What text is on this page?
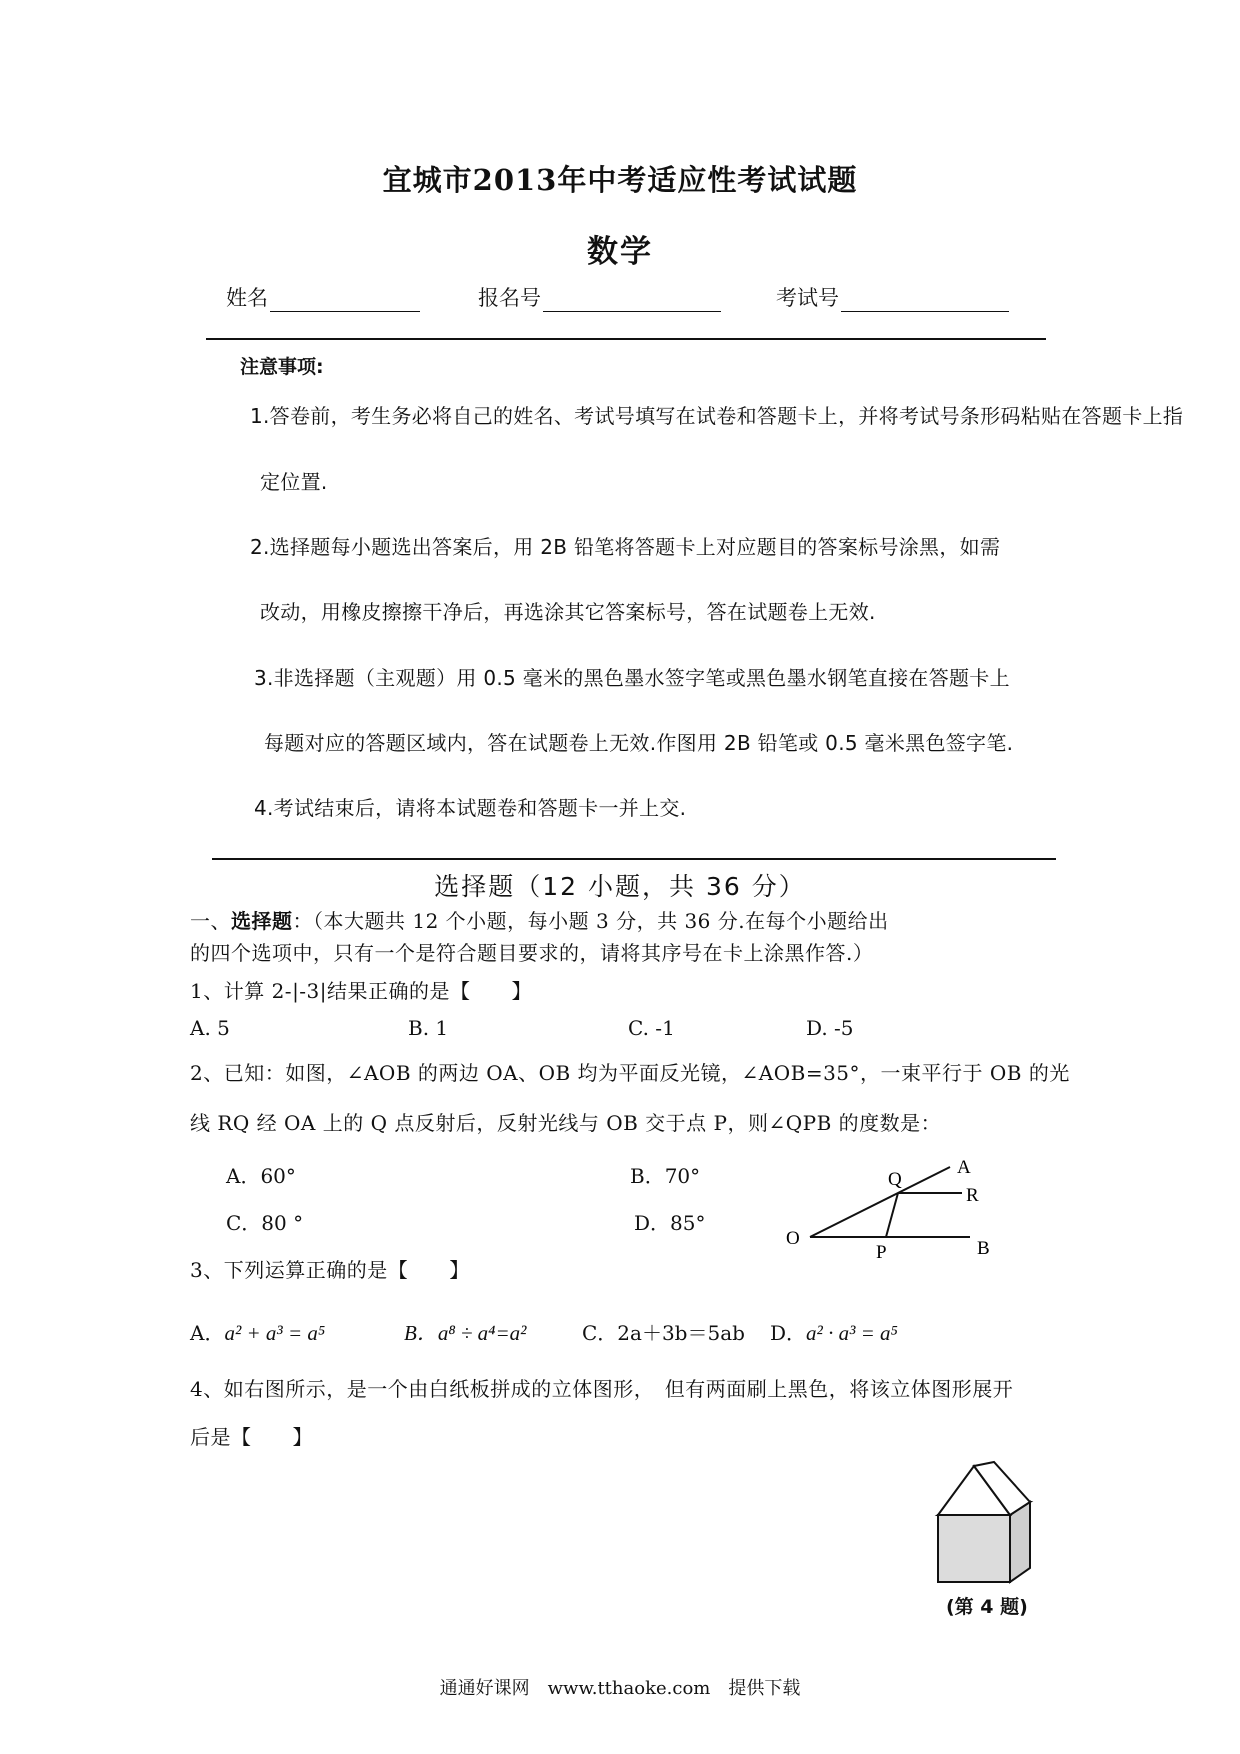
宜城市2013年中考适应性考试试题
数学
姓名	报名号	考试号
注意事项:
1.答卷前，考生务必将自己的姓名、考试号填写在试卷和答题卡上，并将考试号条形码粘贴在答题卡上指
定位置.
2.选择题每小题选出答案后，用 2B 铅笔将答题卡上对应题目的答案标号涂黑，如需
改动，用橡皮擦擦干净后，再选涂其它答案标号，答在试题卷上无效.
3.非选择题（主观题）用 0.5 毫米的黑色墨水签字笔或黑色墨水钢笔直接在答题卡上
每题对应的答题区域内，答在试题卷上无效.作图用 2B 铅笔或 0.5 毫米黑色签字笔.
4.考试结束后，请将本试题卷和答题卡一并上交.
选择题（12 小题，共 36 分）
一、选择题：（本大题共 12 个小题，每小题 3 分，共 36 分.在每个小题给出
的四个选项中，只有一个是符合题目要求的，请将其序号在卡上涂黑作答.）
1、计算 2-|-3|结果正确的是【　　】
A. 5	B. 1	C. -1	D. -5
2、已知：如图，∠AOB 的两边 OA、OB 均为平面反光镜，∠AOB=35°，一束平行于 OB 的光
线 RQ 经 OA 上的 Q 点反射后，反射光线与 OB 交于点 P，则∠QPB 的度数是：
A．60°	B．70°
C．80 °	D．85°
O
A
B
Q
R
P
3、下列运算正确的是【　　】
A．a² + a³ = a⁵	B．a⁸ ÷ a⁴=a²	C．2a＋3b＝5ab D．a² · a³ = a⁵
4、如右图所示，是一个由白纸板拼成的立体图形，　但有两面刷上黑色，将该立体图形展开
后是【　　】
(第 4 题)
通通好课网　www.tthaoke.com　提供下载
